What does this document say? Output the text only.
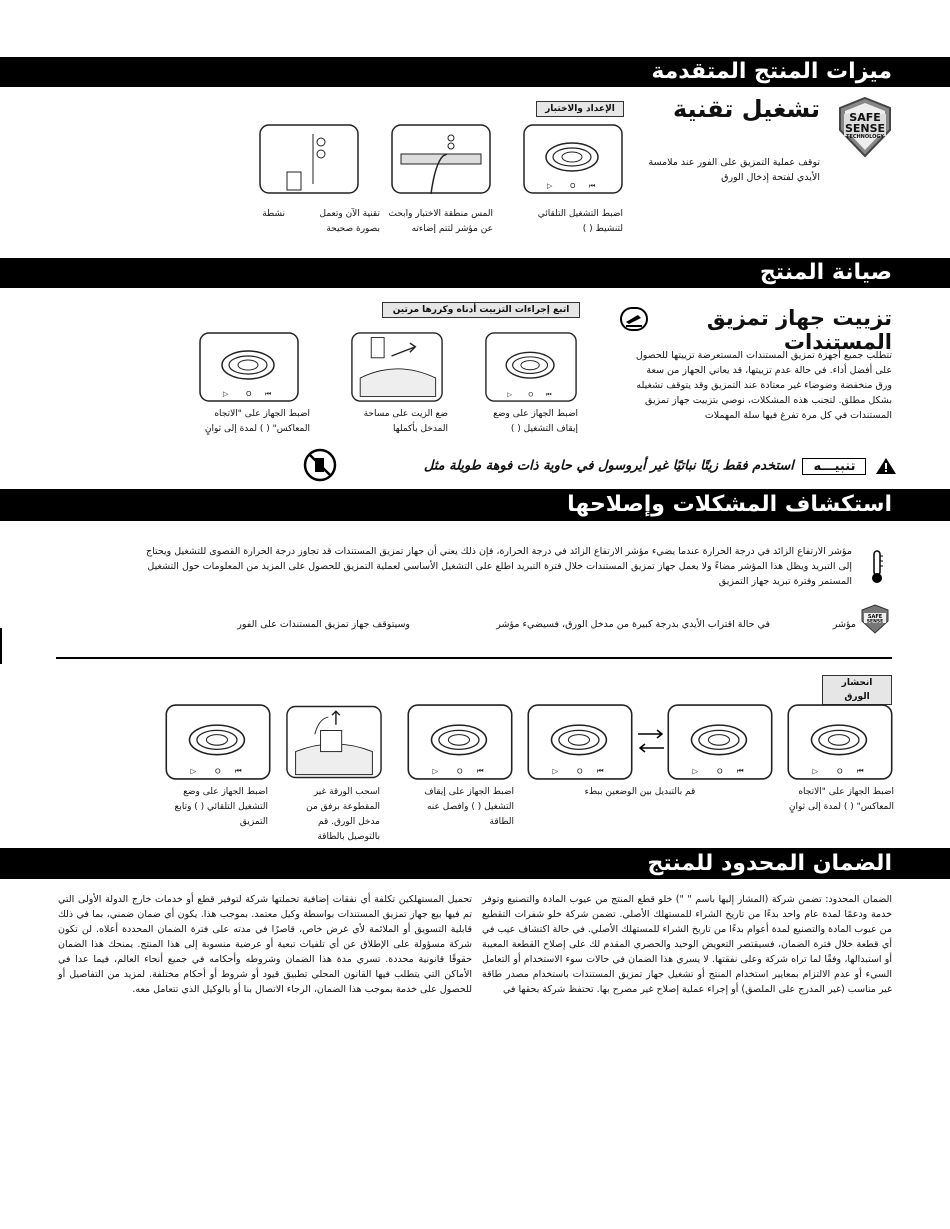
ميزات المنتج المتقدمة
SAFE
SENSE
TECHNOLOGY
تشغيل تقنية
توقف عملية التمزيق على الفور عند ملامسة الأيدي لفتحة إدخال الورق
الإعداد والاختبار
▷	O ⏮
اضبط التشغيل التلقائي لتنشيط ( )
المس منطقة الاختبار وابحث عن مؤشر لتتم إضاءته
تقنية الآن وتعمل بصورة صحيحة
نشطة
صيانة المنتج
تزييت جهاز تمزيق المستندات
اتبع إجراءات التزييت أدناه وكررها مرتين
تتطلب جميع أجهزة تمزيق المستندات المستعرضة تزييتها للحصول على أفضل أداء. في حالة عدم تزييتها، قد يعاني الجهاز من سعة ورق منخفضة وضوضاء غير معتادة عند التمزيق وقد يتوقف تشغيله بشكل مطلق. لتجنب هذه المشكلات، نوصي بتزييت جهاز تمزيق المستندات في كل مرة تفرغ فيها سلة المهملات
▷ O ⏮
▷	O ⏮
اضبط الجهاز على وضع إيقاف التشغيل ( )
ضع الزيت على مساحة المدخل بأكملها
اضبط الجهاز على "الاتجاه المعاكس" ( ) لمدة إلى ثوانٍ
تنبيـــه استخدم فقط زيتًا نباتيًا غير أيروسول في حاوية ذات فوهة طويلة مثل
استكشاف المشكلات وإصلاحها
مؤشر الارتفاع الزائد في درجة الحرارة عندما يضيء مؤشر الارتفاع الزائد في درجة الحرارة، فإن ذلك يعني أن جهاز تمزيق المستندات قد تجاوز درجة الحرارة القصوى للتشغيل ويحتاج إلى التبريد ويظل هذا المؤشر مضاءً ولا يعمل جهاز تمزيق المستندات خلال فترة التبريد اطلع على التشغيل الأساسي لعملية التمزيق للحصول على المزيد من المعلومات حول التشغيل المستمر وفترة تبريد جهاز التمزيق
SAFE
SENSE
مؤشر
في حالة اقتراب الأيدي بدرجة كبيرة من مدخل الورق، فسيضيء مؤشر
وسيتوقف جهاز تمزيق المستندات على الفور
انحشار الورق
▷	O ⏮
▷	O ⏮
▷	O ⏮
▷	O ⏮
▷	O ⏮
اضبط الجهاز على "الاتجاه المعاكس" ( ) لمدة إلى ثوانٍ
قم بالتبديل بين الوضعين ببطء
اضبط الجهاز على إيقاف التشغيل ( ) وافصل عنه الطاقة
اسحب الورقة غير المقطوعة برفق من مدخل الورق. قم بالتوصيل بالطاقة
اضبط الجهاز على وضع التشغيل التلقائي ( ) وتابع التمزيق
الضمان المحدود للمنتج
الضمان المحدود: تضمن شركة (المشار إليها باسم " ") خلو قطع المنتج من عيوب المادة والتصنيع وتوفر خدمة ودعمًا لمدة عام واحد بدءًا من تاريخ الشراء للمستهلك الأصلي. تضمن شركة خلو شفرات التقطيع من عيوب المادة والتصنيع لمدة أعوام بدءًا من تاريخ الشراء للمستهلك الأصلي. في حالة اكتشاف عيب في أي قطعة خلال فترة الضمان، فسيقتصر التعويض الوحيد والحصري المقدم لك على إصلاح القطعة المعيبة أو استبدالها، وفقًا لما تراه شركة وعلى نفقتها. لا يسري هذا الضمان في حالات سوء الاستخدام أو التعامل السيء أو عدم الالتزام بمعايير استخدام المنتج أو تشغيل جهاز تمزيق المستندات باستخدام مصدر طاقة غير مناسب (غير المدرج على الملصق) أو إجراء عملية إصلاح غير مصرح بها. تحتفظ شركة بحقها في
تحميل المستهلكين تكلفة أي نفقات إضافية تحملتها شركة لتوفير قطع أو خدمات خارج الدولة الأولى التي تم فيها بيع جهاز تمزيق المستندات بواسطة وكيل معتمد. بموجب هذا. يكون أي ضمان ضمني، بما في ذلك قابلية التسويق أو الملائمة لأي غرض خاص، قاصرًا في مدته على فترة الضمان المحددة أعلاه. لن تكون شركة مسؤولة على الإطلاق عن أي تلفيات تبعية أو عرضية منسوبة إلى هذا المنتج. يمنحك هذا الضمان حقوقًا قانونية محددة. تسري مدة هذا الضمان وشروطه وأحكامه في جميع أنحاء العالم، فيما عدا في الأماكن التي يتطلب فيها القانون المحلي تطبيق قيود أو شروط أو أحكام مختلفة. لمزيد من التفاصيل أو للحصول على خدمة بموجب هذا الضمان، الرجاء الاتصال بنا أو بالوكيل الذي تتعامل معه.
